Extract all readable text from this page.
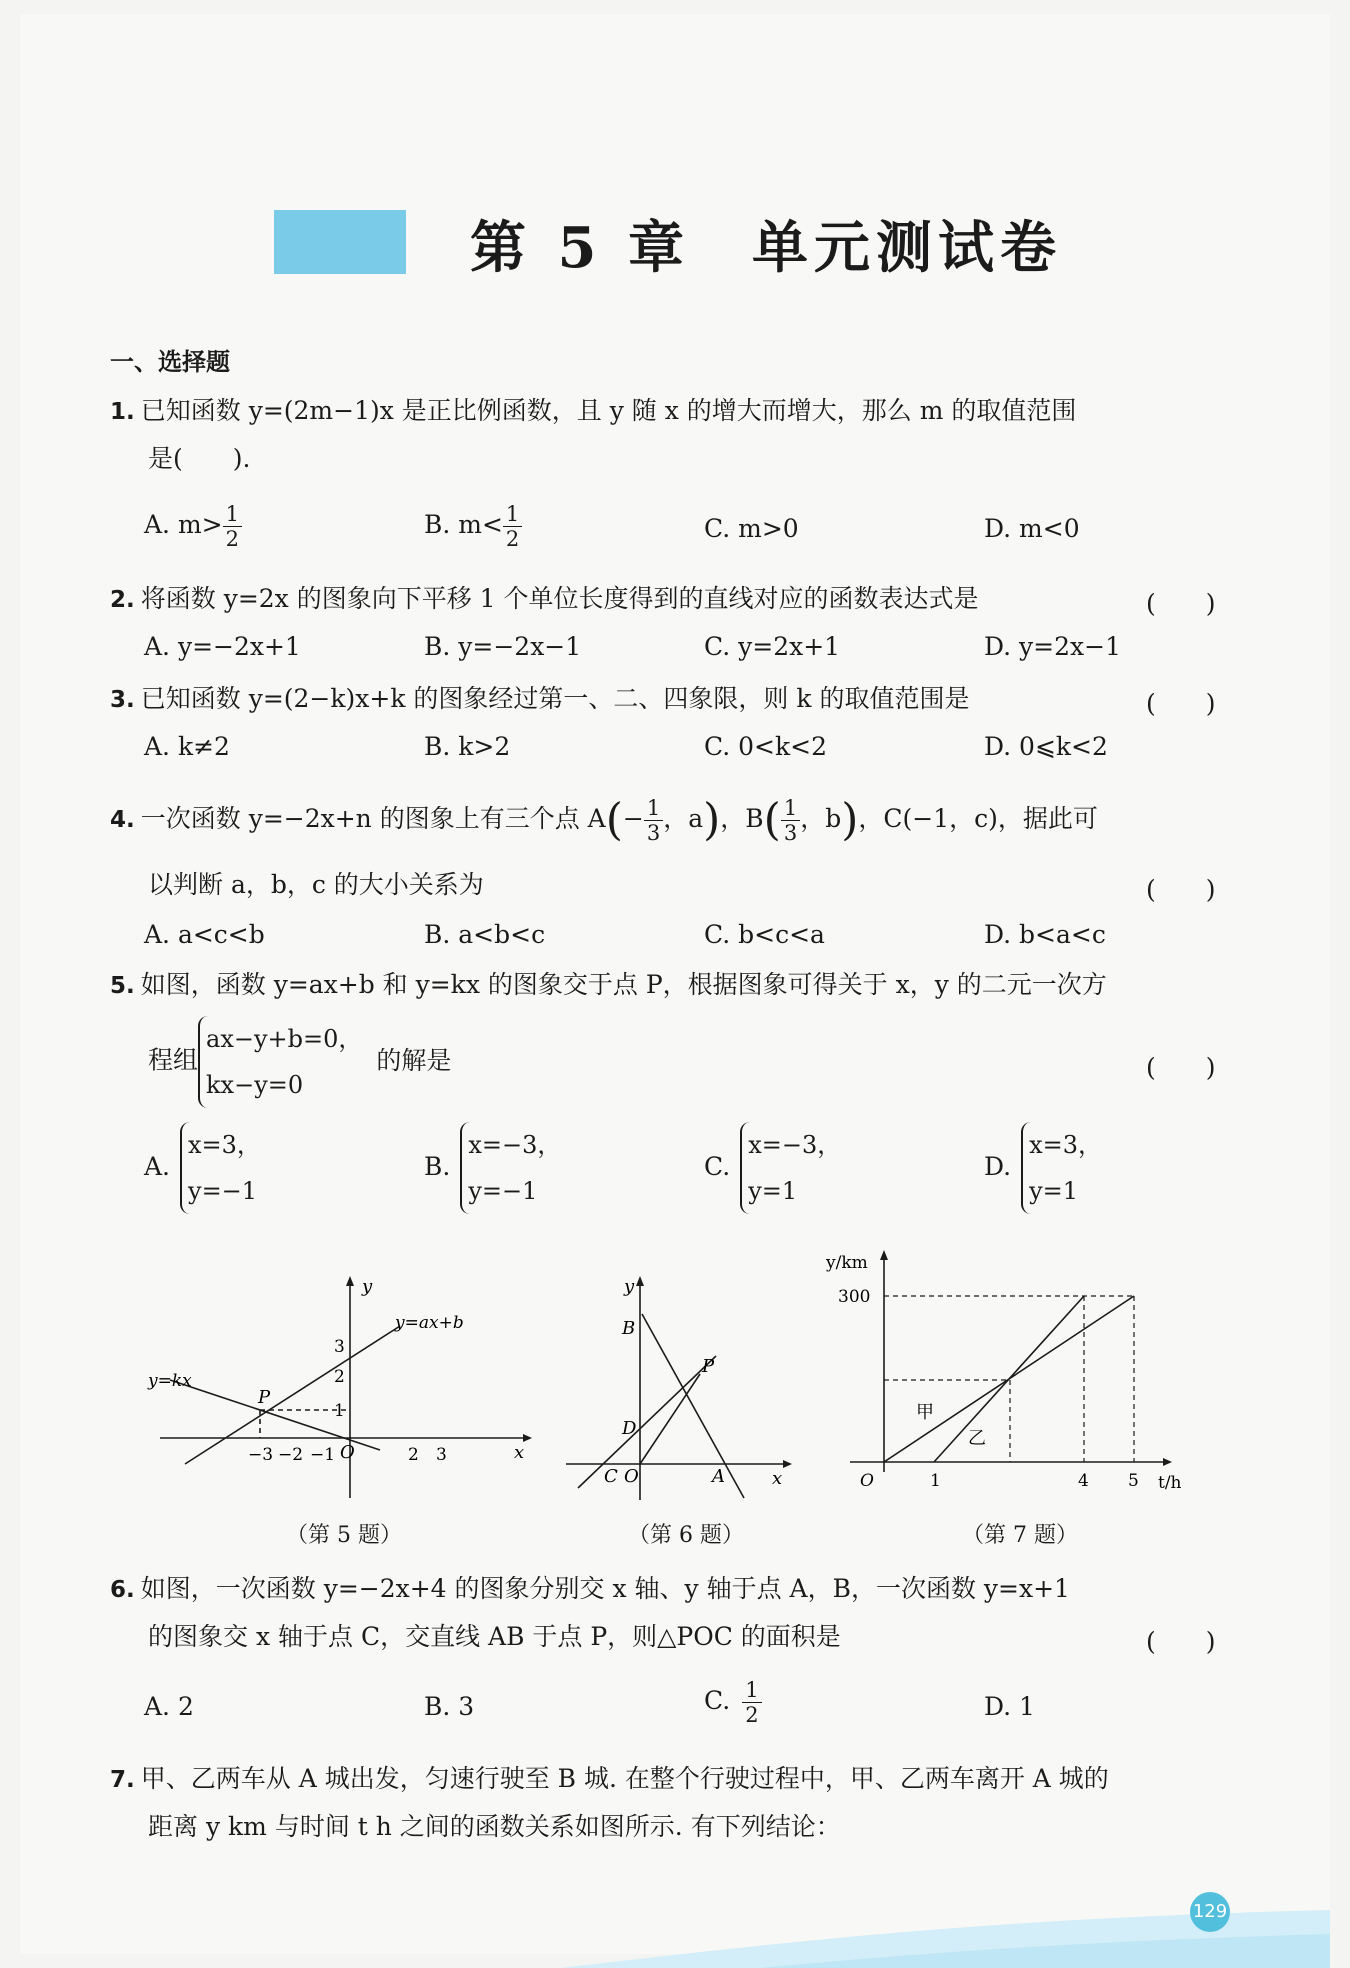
第 5 章　单元测试卷
一、选择题
1. 已知函数 y=(2m−1)x 是正比例函数，且 y 随 x 的增大而增大，那么 m 的取值范围
是(　　).
A. $m> \frac{1}{2}$	B. $m< \frac{1}{2}$	C. m>0	D. m<0
2. 将函数 y=2x 的图象向下平移 1 个单位长度得到的直线对应的函数表达式是	(　　)
A. y=−2x+1	B. y=−2x−1	C. y=2x+1	D. y=2x−1
3. 已知函数 y=(2−k)x+k 的图象经过第一、二、四象限，则 k 的取值范围是	(　　)
A. k≠2	B. k>2	C. 0<k<2	D. 0⩽k<2
4. 一次函数 y=−2x+n 的图象上有三个点 $A(- \frac{1}{3}$ ，a)，$B( \frac{1}{3}$ ，b)，C(−1，c)，据此可
以判断 a，b，c 的大小关系为	(　　)
A. a<c<b	B. a<b<c	C. b<c<a	D. b<a<c
5. 如图，函数 y=ax+b 和 y=kx 的图象交于点 P，根据图象可得关于 x，y 的二元一次方
程组
ax−y+b=0，
kx−y=0
的解是	(　　)
A.
x=3，
y=−1
B.
x=−3，
y=−1
C.
x=−3，
y=1
D.
x=3，
y=1
y
x
O
P
y=ax+b
y=kx
−3 −2 −1	2 3
1
2
3
（第 5 题）
y
x
B
D
P
C O	A
（第 6 题）
y/km
t/h
300
O	1	4 5
甲
乙
（第 7 题）
6. 如图，一次函数 y=−2x+4 的图象分别交 x 轴、y 轴于点 A，B，一次函数 y=x+1
的图象交 x 轴于点 C，交直线 AB 于点 P，则△POC 的面积是	(　　)
A. 2	B. 3	C. $\frac{1}{2}$	D. 1
7. 甲、乙两车从 A 城出发，匀速行驶至 B 城. 在整个行驶过程中，甲、乙两车离开 A 城的
距离 y km 与时间 t h 之间的函数关系如图所示. 有下列结论：
129
